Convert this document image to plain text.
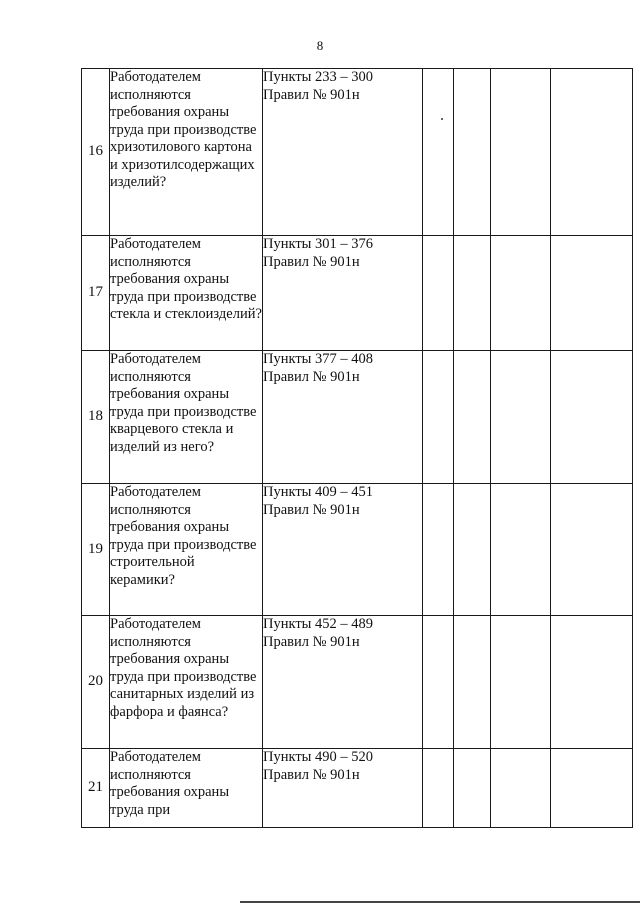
8
16	Работодателем исполняются требования охраны труда при производстве хризотилового картона и хризотилсодержащих изделий?	Пункты 233 – 300
Правил № 901н				

17	Работодателем исполняются требования охраны труда при производстве стекла и стеклоизделий?	Пункты 301 – 376
Правил № 901н				

18	Работодателем исполняются требования охраны труда при производстве кварцевого стекла и изделий из него?	Пункты 377 – 408
Правил № 901н				

19	Работодателем исполняются требования охраны труда при производстве строительной керамики?	Пункты 409 – 451
Правил № 901н				

20	Работодателем исполняются требования охраны труда при производстве санитарных изделий из фарфора и фаянса?	Пункты 452 – 489
Правил № 901н				

21	Работодателем исполняются требования охраны труда при	Пункты 490 – 520
Правил № 901н				
